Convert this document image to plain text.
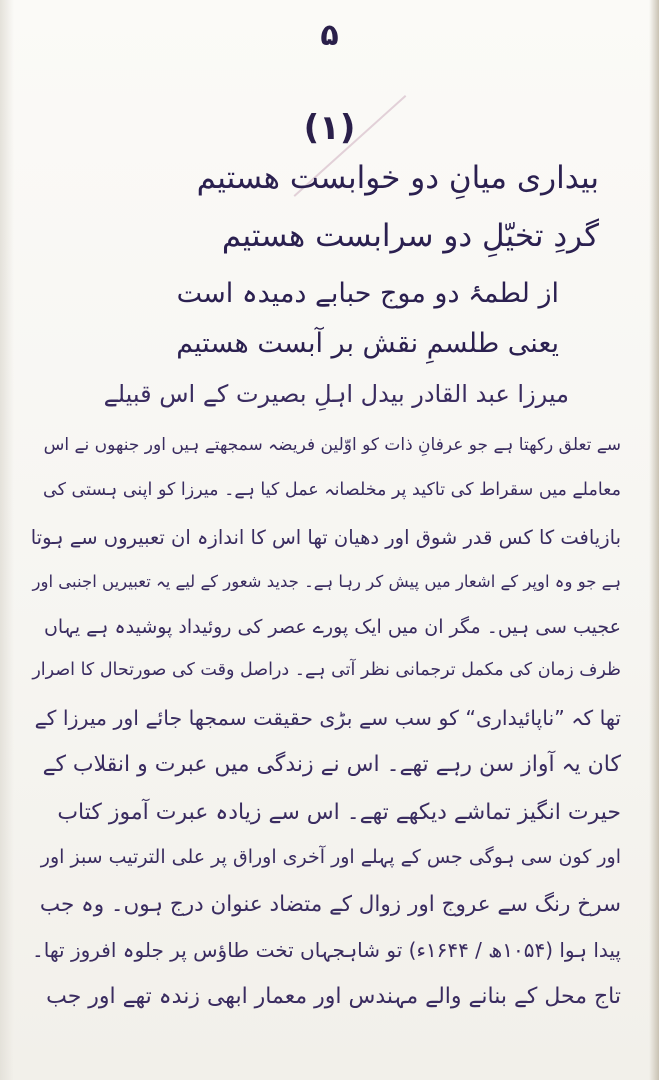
۵
(۱)
بیداری میانِ دو خوابست ھستیم
گردِ تخیّلِ دو سرابست ھستیم
از لطمۂ دو موج حبابے دمیدہ است
یعنی طلسمِ نقش بر آبست ھستیم
میرزا عبد القادر بیدل اہلِ بصیرت کے اس قبیلے
سے تعلق رکھتا ہے جو عرفانِ ذات کو اوّلین فریضہ سمجھتے ہیں اور جنھوں نے اس
معاملے میں سقراط کی تاکید پر مخلصانہ عمل کیا ہے۔ میرزا کو اپنی ہستی کی
بازیافت کا کس قدر شوق اور دھیان تھا اس کا اندازہ ان تعبیروں سے ہوتا
ہے جو وہ اوپر کے اشعار میں پیش کر رہا ہے۔ جدید شعور کے لیے یہ تعبیریں اجنبی اور
عجیب سی ہیں۔ مگر ان میں ایک پورے عصر کی روئیداد پوشیدہ ہے یہاں
ظرف زمان کی مکمل ترجمانی نظر آتی ہے۔ دراصل وقت کی صورتحال کا اصرار
تھا کہ ”ناپائیداری“ کو سب سے بڑی حقیقت سمجھا جائے اور میرزا کے
کان یہ آواز سن رہے تھے۔ اس نے زندگی میں عبرت و انقلاب کے
حیرت انگیز تماشے دیکھے تھے۔ اس سے زیادہ عبرت آموز کتاب
اور کون سی ہوگی جس کے پہلے اور آخری اوراق پر علی الترتیب سبز اور
سرخ رنگ سے عروج اور زوال کے متضاد عنوان درج ہوں۔ وہ جب
پیدا ہوا (۱۰۵۴ھ / ۱۶۴۴ء) تو شاہجہاں تخت طاؤس پر جلوہ افروز تھا۔
تاج محل کے بنانے والے مہندس اور معمار ابھی زندہ تھے اور جب
